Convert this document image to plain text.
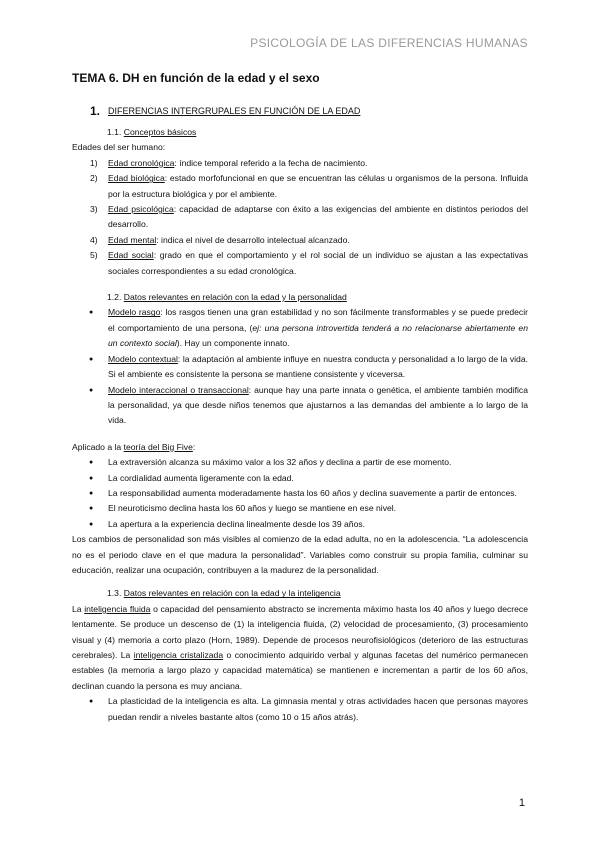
PSICOLOGÍA DE LAS DIFERENCIAS HUMANAS
TEMA 6. DH en función de la edad y el sexo
1. DIFERENCIAS INTERGRUPALES EN FUNCIÓN DE LA EDAD

1.1. Conceptos básicos

Edades del ser humano:

1) Edad cronológica: índice temporal referido a la fecha de nacimiento.
2) Edad biológica: estado morfofuncional en que se encuentran las células u organismos de la persona. Influida por la estructura biológica y por el ambiente.
3) Edad psicológica: capacidad de adaptarse con éxito a las exigencias del ambiente en distintos periodos del desarrollo.
4) Edad mental: indica el nivel de desarrollo intelectual alcanzado.
5) Edad social: grado en que el comportamiento y el rol social de un individuo se ajustan a las expectativas sociales correspondientes a su edad cronológica.

1.2. Datos relevantes en relación con la edad y la personalidad

● Modelo rasgo: los rasgos tienen una gran estabilidad y no son fácilmente transformables y se puede predecir el comportamiento de una persona, (ej: una persona introvertida tenderá a no relacionarse abiertamente en un contexto social). Hay un componente innato.
● Modelo contextual: la adaptación al ambiente influye en nuestra conducta y personalidad a lo largo de la vida. Si el ambiente es consistente la persona se mantiene consistente y viceversa.
● Modelo interaccional o transaccional: aunque hay una parte innata o genética, el ambiente también modifica la personalidad, ya que desde niños tenemos que ajustarnos a las demandas del ambiente a lo largo de la vida.

Aplicado a la teoría del Big Five:

● La extraversión alcanza su máximo valor a los 32 años y declina a partir de ese momento.
● La cordialidad aumenta ligeramente con la edad.
● La responsabilidad aumenta moderadamente hasta los 60 años y declina suavemente a partir de entonces.
● El neuroticismo declina hasta los 60 años y luego se mantiene en ese nivel.
● La apertura a la experiencia declina linealmente desde los 39 años.

Los cambios de personalidad son más visibles al comienzo de la edad adulta, no en la adolescencia. “La adolescencia no es el periodo clave en el que madura la personalidad”. Variables como construir su propia familia, culminar su educación, realizar una ocupación, contribuyen a la madurez de la personalidad.

1.3. Datos relevantes en relación con la edad y la inteligencia

La inteligencia fluida o capacidad del pensamiento abstracto se incrementa máximo hasta los 40 años y luego decrece lentamente. Se produce un descenso de (1) la inteligencia fluida, (2) velocidad de procesamiento, (3) procesamiento visual y (4) memoria a corto plazo (Horn, 1989). Depende de procesos neurofisiológicos (deterioro de las estructuras cerebrales). La inteligencia cristalizada o conocimiento adquirido verbal y algunas facetas del numérico permanecen estables (la memoria a largo plazo y capacidad matemática) se mantienen e incrementan a partir de los 60 años, declinan cuando la persona es muy anciana.

● La plasticidad de la inteligencia es alta. La gimnasia mental y otras actividades hacen que personas mayores puedan rendir a niveles bastante altos (como 10 o 15 años atrás).
1
